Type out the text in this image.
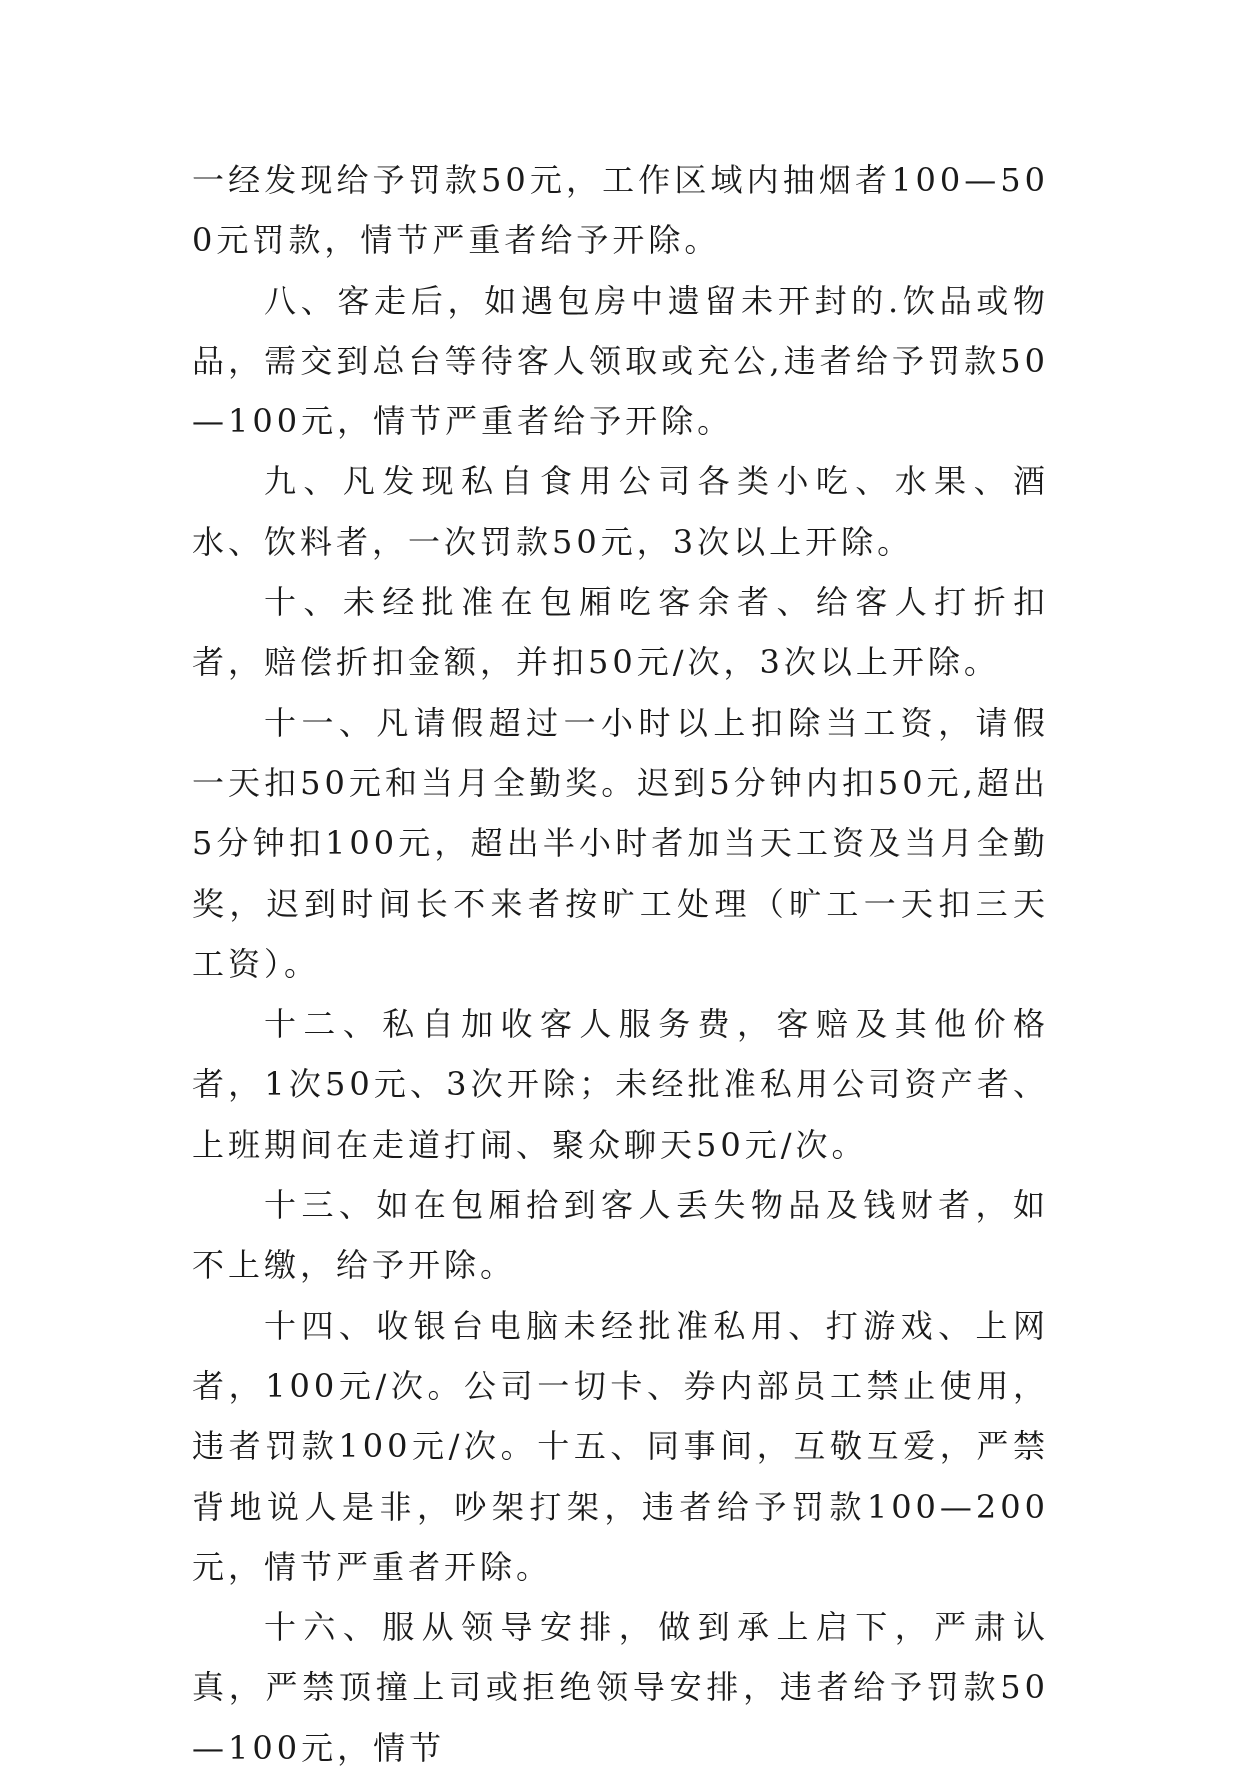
一经发现给予罚款50元，工作区域内抽烟者100—500元罚款，情节严重者给予开除。

八、客走后，如遇包房中遗留未开封的.饮品或物品，需交到总台等待客人领取或充公,违者给予罚款50—100元，情节严重者给予开除。

九、凡发现私自食用公司各类小吃、水果、酒水、饮料者，一次罚款50元，3次以上开除。

十、未经批准在包厢吃客余者、给客人打折扣者，赔偿折扣金额，并扣50元/次，3次以上开除。

十一、凡请假超过一小时以上扣除当工资，请假一天扣50元和当月全勤奖。迟到5分钟内扣50元,超出5分钟扣100元，超出半小时者加当天工资及当月全勤奖，迟到时间长不来者按旷工处理（旷工一天扣三天工资）。

十二、私自加收客人服务费，客赔及其他价格者，1次50元、3次开除；未经批准私用公司资产者、上班期间在走道打闹、聚众聊天50元/次。

十三、如在包厢拾到客人丢失物品及钱财者，如不上缴，给予开除。

十四、收银台电脑未经批准私用、打游戏、上网者，100元/次。公司一切卡、券内部员工禁止使用，违者罚款100元/次。十五、同事间，互敬互爱，严禁背地说人是非，吵架打架，违者给予罚款100—200元，情节严重者开除。

十六、服从领导安排，做到承上启下，严肃认真，严禁顶撞上司或拒绝领导安排，违者给予罚款50—100元，情节
